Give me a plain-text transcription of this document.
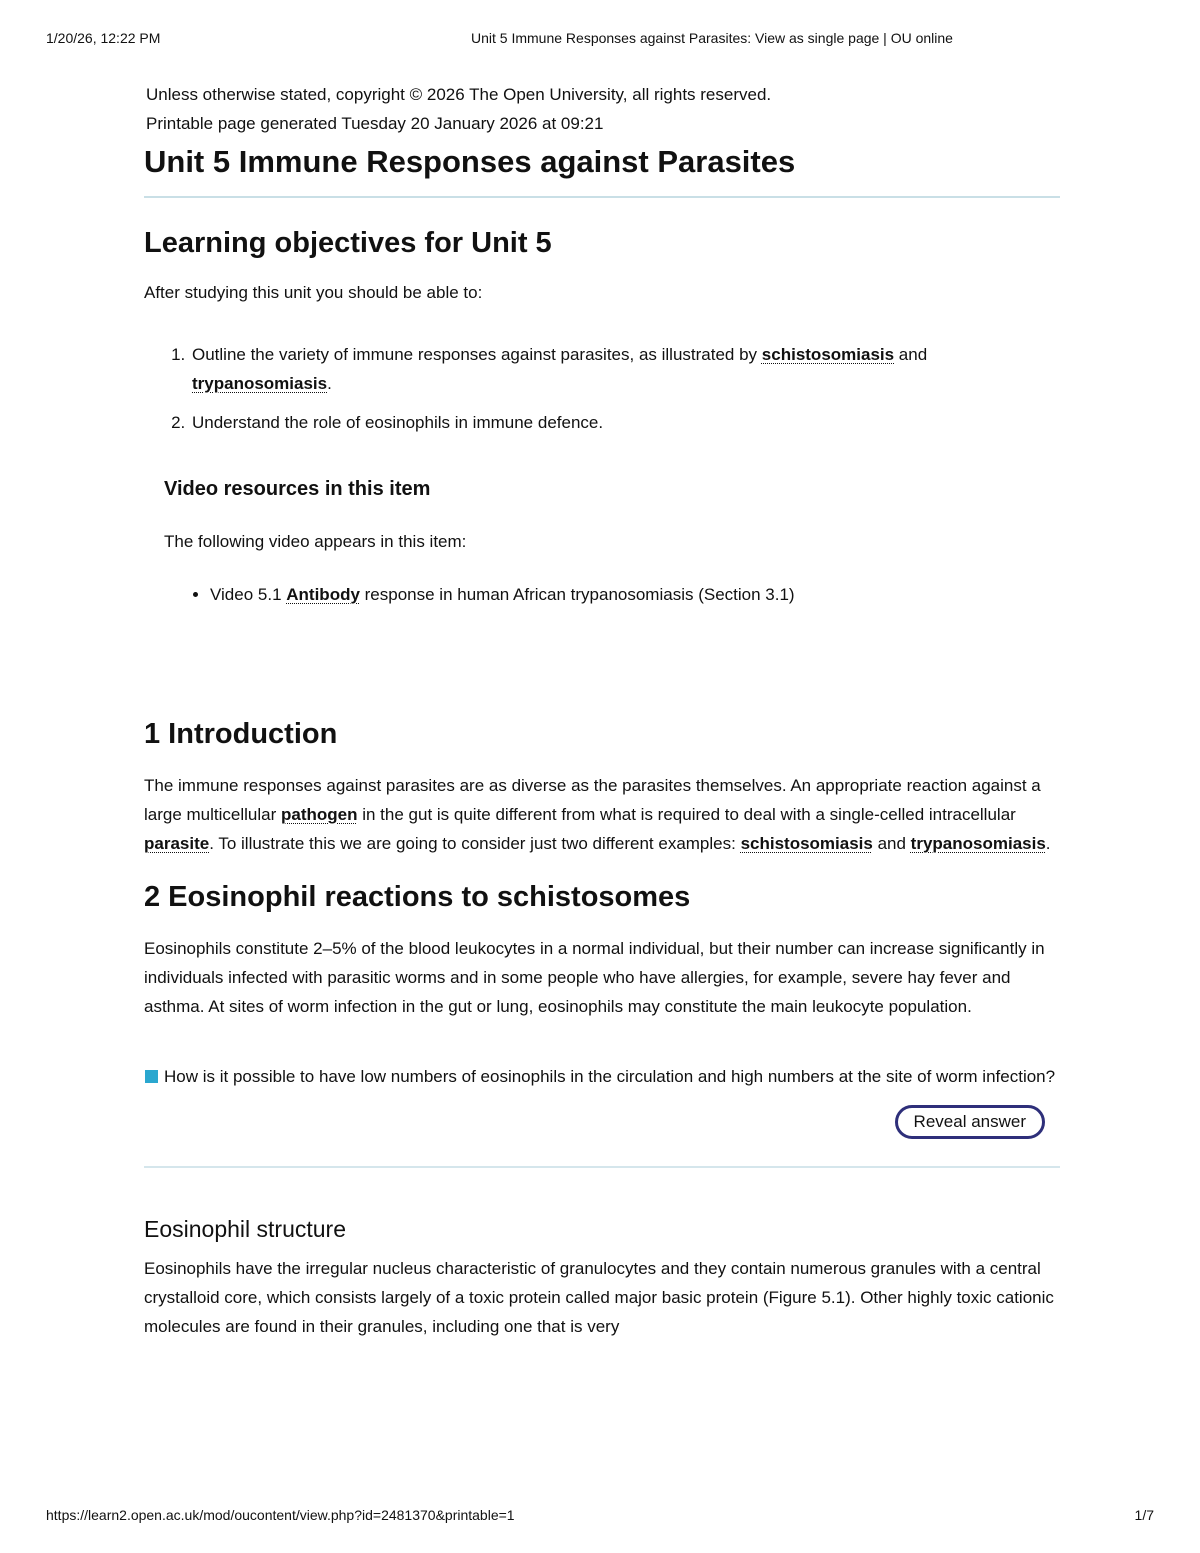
1/20/26, 12:22 PM	Unit 5 Immune Responses against Parasites: View as single page | OU online

Unless otherwise stated, copyright © 2026 The Open University, all rights reserved.

Printable page generated Tuesday 20 January 2026 at 09:21

Unit 5 Immune Responses against Parasites
Learning objectives for Unit 5

After studying this unit you should be able to:

1. Outline the variety of immune responses against parasites, as illustrated by schistosomiasis and trypanosomiasis.
2. Understand the role of eosinophils in immune defence.
Video resources in this item

The following video appears in this item:

• Video 5.1 Antibody response in human African trypanosomiasis (Section 3.1)
1 Introduction

The immune responses against parasites are as diverse as the parasites themselves. An appropriate reaction against a large multicellular pathogen in the gut is quite different from what is required to deal with a single-celled intracellular parasite. To illustrate this we are going to consider just two different examples: schistosomiasis and trypanosomiasis.

2 Eosinophil reactions to schistosomes

Eosinophils constitute 2–5% of the blood leukocytes in a normal individual, but their number can increase significantly in individuals infected with parasitic worms and in some people who have allergies, for example, severe hay fever and asthma. At sites of worm infection in the gut or lung, eosinophils may constitute the main leukocyte population.

How is it possible to have low numbers of eosinophils in the circulation and high numbers at the site of worm infection?
Reveal answer
Eosinophil structure

Eosinophils have the irregular nucleus characteristic of granulocytes and they contain numerous granules with a central crystalloid core, which consists largely of a toxic protein called major basic protein (Figure 5.1). Other highly toxic cationic molecules are found in their granules, including one that is very

https://learn2.open.ac.uk/mod/oucontent/view.php?id=2481370&printable=1	1/7
